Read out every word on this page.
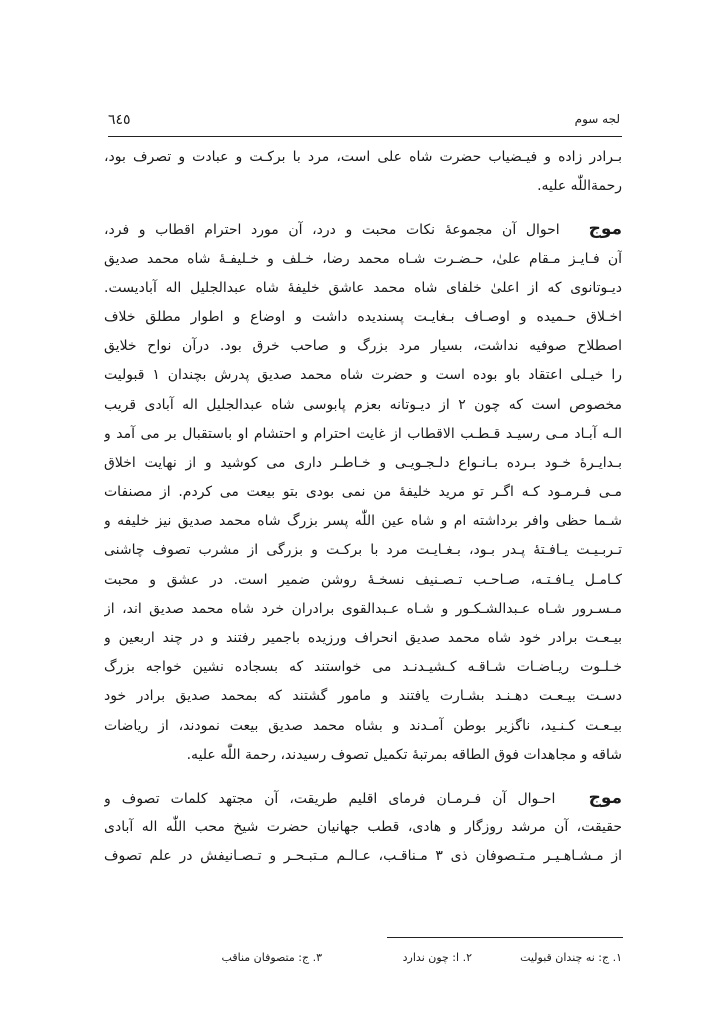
لجه سوم
٦٤٥
بـرادر زاده و فیـضیاب حضرت شاه علی است، مرد با برکـت و عبادت و تصرف بود،
رحمةاللّٰه علیه.
موج   احوال آن مجموعهٔ نکات محبت و درد، آن مورد احترام اقطاب و فرد،
آن فـایـز مـقام علیٰ، حـضـرت شـاه محمد رضا، خـلف و خـلیفـهٔ شاه محمد صدیق
دیـوتانوی که از اعلیٰ خلفای شاه محمد عاشق خلیفهٔ شاه عبدالجلیل اله آبادیست.
اخـلاق حـمیده و اوصـاف بـغایـت پسندیده داشت و اوضاع و اطوار مطلق خلاف
اصطلاح صوفیه نداشت، بسیار مرد بزرگ و صاحب خرق بود. درآن نواح خلایق
را خیـلی اعتقاد باو بوده است و حضرت شاه محمد صدیق پدرش بچندان ١ قبولیت
مخصوص است که چون ٢ از دیـوتانه بعزم پابوسی شاه عبدالجلیل اله آبادی قریب
الـه آبـاد مـی رسیـد قـطـب الاقطاب از غایت احترام و احتشام او باستقبال بر می آمد و
بـدایـرهٔ خـود بـرده بـانـواع دلـجـویـی و خـاطـر داری می کوشید و از نهایت اخلاق
مـی فـرمـود کـه اگـر تو مرید خلیفهٔ من نمی بودی بتو بیعت می کردم. از مصنفات
شـما حظی وافر برداشته ام و شاه عین اللّٰه پسر بزرگ شاه محمد صدیق نیز خلیفه و
تـربـیـت یـافـتهٔ پـدر بـود، بـغـایـت مرد با برکـت و بزرگی از مشرب تصوف چاشنی
کـامـل یـافـتـه، صـاحـب تـصـنیف نسخـهٔ روشن ضمیر است. در عشق و محبت
مـسـرور شـاه عـبدالشـکـور و شـاه عـبدالقوی برادران خرد شاه محمد صدیق اند، از
بیـعـت برادر خود شاه محمد صدیق انحراف ورزیده باجمیر رفتند و در چند اربعین و
خـلـوت ریـاضـات شـاقـه کـشیـدنـد می خواستند که بسجاده نشین خواجه بزرگ
دسـت بیـعـت دهـنـد بشـارت یافتند و مامور گشتند که بمحمد صدیق برادر خود
بیـعـت کـنـید، ناگزیر بوطن آمـدند و بشاه محمد صدیق بیعت نمودند، از ریاضات
شاقه و مجاهدات فوق الطاقه بمرتبهٔ تکمیل تصوف رسیدند، رحمة اللّٰه علیه.
موج   احـوال آن فـرمـان فرمای اقلیم طریقت، آن مجتهد کلمات تصوف و
حقیقت، آن مرشد روزگار و هادی، قطب جهانیان حضرت شیخ محب اللّٰه اله آبادی
از مـشـاهـیـر مـتـصوفان ذی ٣ مـناقـب، عـالـم مـتبـحـر و تـصـانیفش در علم تصوف
١. ج: نه چندان قبولیت
٢. ا: چون ندارد
٣. ج: متصوفان مناقب
